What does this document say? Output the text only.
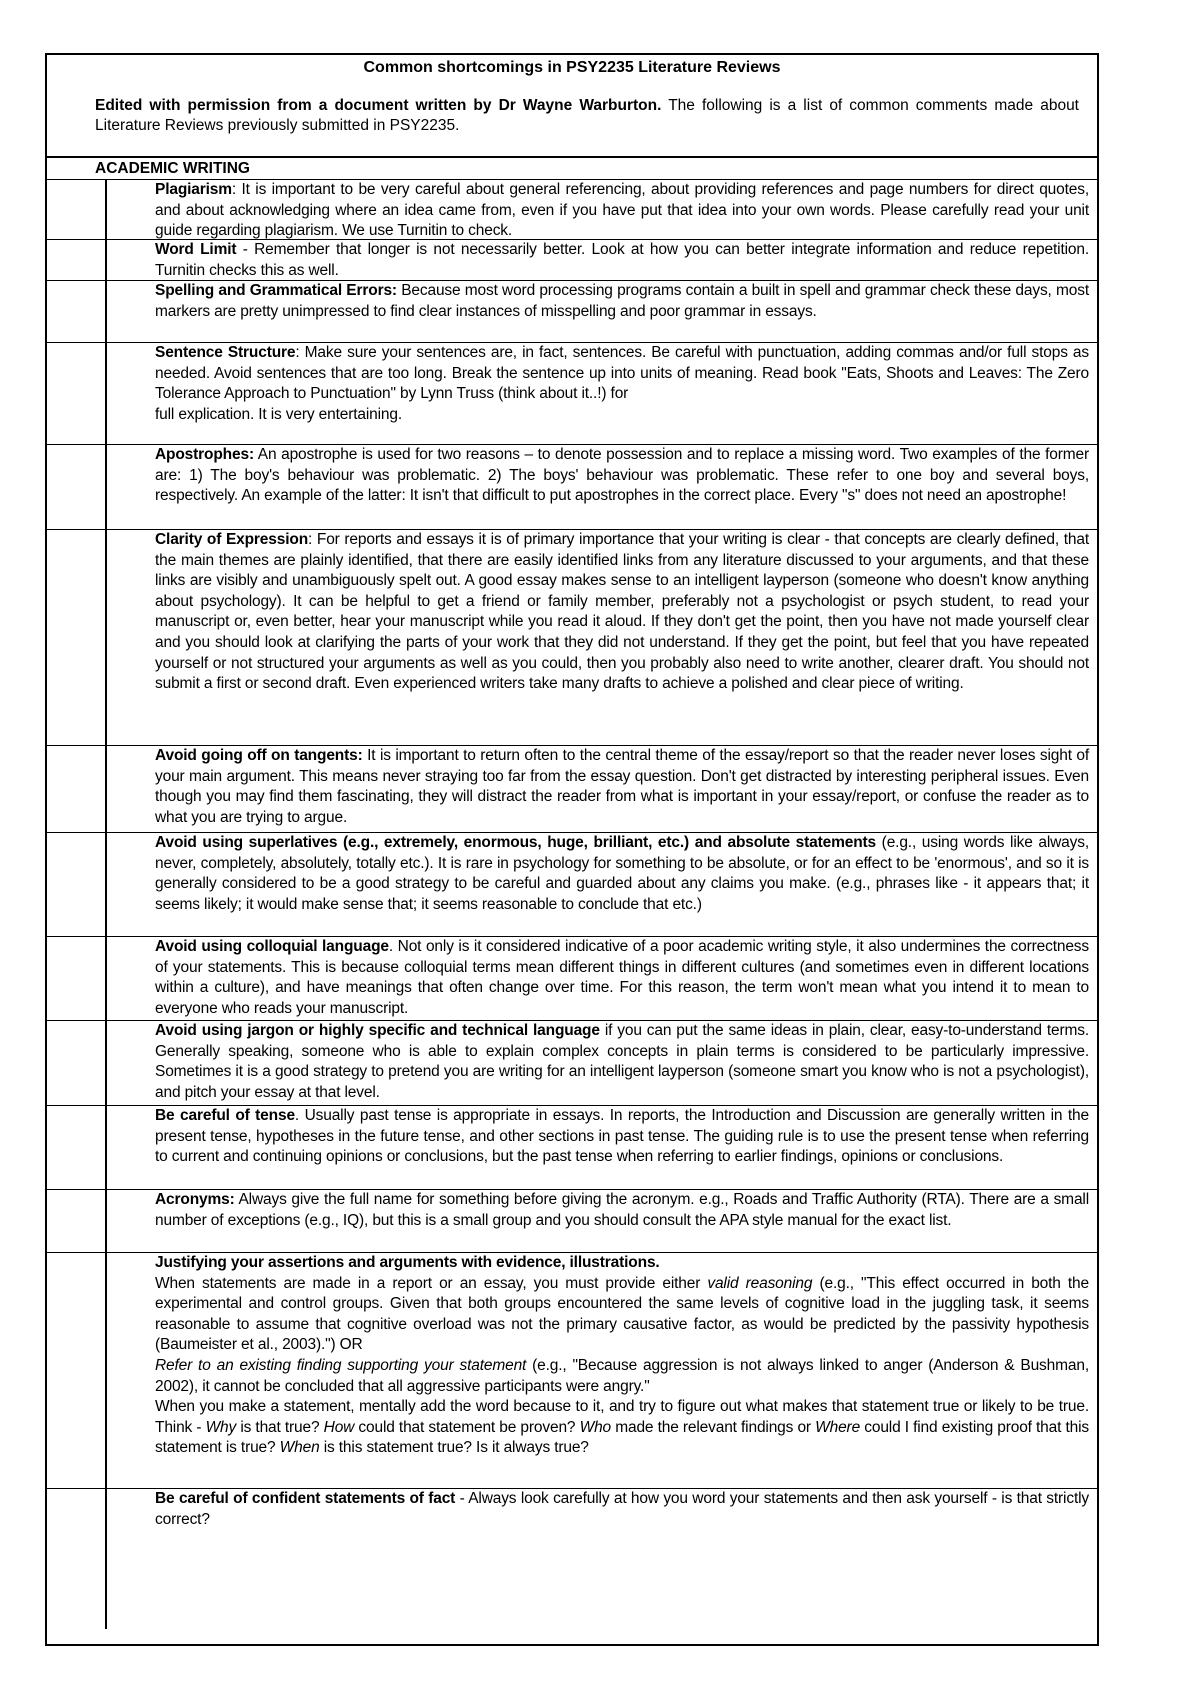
Common shortcomings in PSY2235 Literature Reviews
Edited with permission from a document written by Dr Wayne Warburton. The following is a list of common comments made about Literature Reviews previously submitted in PSY2235.
ACADEMIC WRITING
Plagiarism: It is important to be very careful about general referencing, about providing references and page numbers for direct quotes, and about acknowledging where an idea came from, even if you have put that idea into your own words. Please carefully read your unit guide regarding plagiarism. We use Turnitin to check.
Word Limit - Remember that longer is not necessarily better. Look at how you can better integrate information and reduce repetition. Turnitin checks this as well.
Spelling and Grammatical Errors: Because most word processing programs contain a built in spell and grammar check these days, most markers are pretty unimpressed to find clear instances of misspelling and poor grammar in essays.
Sentence Structure: Make sure your sentences are, in fact, sentences. Be careful with punctuation, adding commas and/or full stops as needed. Avoid sentences that are too long. Break the sentence up into units of meaning. Read book "Eats, Shoots and Leaves: The Zero Tolerance Approach to Punctuation" by Lynn Truss (think about it..!) for
full explication. It is very entertaining.
Apostrophes: An apostrophe is used for two reasons – to denote possession and to replace a missing word. Two examples of the former are: 1) The boy's behaviour was problematic. 2) The boys' behaviour was problematic. These refer to one boy and several boys, respectively. An example of the latter: It isn't that difficult to put apostrophes in the correct place. Every "s" does not need an apostrophe!
Clarity of Expression: For reports and essays it is of primary importance that your writing is clear - that concepts are clearly defined, that the main themes are plainly identified, that there are easily identified links from any literature discussed to your arguments, and that these links are visibly and unambiguously spelt out. A good essay makes sense to an intelligent layperson (someone who doesn't know anything about psychology). It can be helpful to get a friend or family member, preferably not a psychologist or psych student, to read your manuscript or, even better, hear your manuscript while you read it aloud. If they don't get the point, then you have not made yourself clear and you should look at clarifying the parts of your work that they did not understand. If they get the point, but feel that you have repeated yourself or not structured your arguments as well as you could, then you probably also need to write another, clearer draft. You should not submit a first or second draft. Even experienced writers take many drafts to achieve a polished and clear piece of writing.
Avoid going off on tangents: It is important to return often to the central theme of the essay/report so that the reader never loses sight of your main argument. This means never straying too far from the essay question. Don't get distracted by interesting peripheral issues. Even though you may find them fascinating, they will distract the reader from what is important in your essay/report, or confuse the reader as to what you are trying to argue.
Avoid using superlatives (e.g., extremely, enormous, huge, brilliant, etc.) and absolute statements (e.g., using words like always, never, completely, absolutely, totally etc.). It is rare in psychology for something to be absolute, or for an effect to be 'enormous', and so it is generally considered to be a good strategy to be careful and guarded about any claims you make. (e.g., phrases like - it appears that; it seems likely; it would make sense that; it seems reasonable to conclude that etc.)
Avoid using colloquial language. Not only is it considered indicative of a poor academic writing style, it also undermines the correctness of your statements. This is because colloquial terms mean different things in different cultures (and sometimes even in different locations within a culture), and have meanings that often change over time. For this reason, the term won't mean what you intend it to mean to everyone who reads your manuscript.
Avoid using jargon or highly specific and technical language if you can put the same ideas in plain, clear, easy-to-understand terms. Generally speaking, someone who is able to explain complex concepts in plain terms is considered to be particularly impressive. Sometimes it is a good strategy to pretend you are writing for an intelligent layperson (someone smart you know who is not a psychologist), and pitch your essay at that level.
Be careful of tense. Usually past tense is appropriate in essays. In reports, the Introduction and Discussion are generally written in the present tense, hypotheses in the future tense, and other sections in past tense. The guiding rule is to use the present tense when referring to current and continuing opinions or conclusions, but the past tense when referring to earlier findings, opinions or conclusions.
Acronyms: Always give the full name for something before giving the acronym. e.g., Roads and Traffic Authority (RTA). There are a small number of exceptions (e.g., IQ), but this is a small group and you should consult the APA style manual for the exact list.
Justifying your assertions and arguments with evidence, illustrations.
When statements are made in a report or an essay, you must provide either valid reasoning (e.g., "This effect occurred in both the experimental and control groups. Given that both groups encountered the same levels of cognitive load in the juggling task, it seems reasonable to assume that cognitive overload was not the primary causative factor, as would be predicted by the passivity hypothesis (Baumeister et al., 2003).") OR
Refer to an existing finding supporting your statement (e.g., "Because aggression is not always linked to anger (Anderson & Bushman, 2002), it cannot be concluded that all aggressive participants were angry."
When you make a statement, mentally add the word because to it, and try to figure out what makes that statement true or likely to be true. Think - Why is that true? How could that statement be proven? Who made the relevant findings or Where could I find existing proof that this statement is true? When is this statement true? Is it always true?
Be careful of confident statements of fact - Always look carefully at how you word your statements and then ask yourself - is that strictly correct?
